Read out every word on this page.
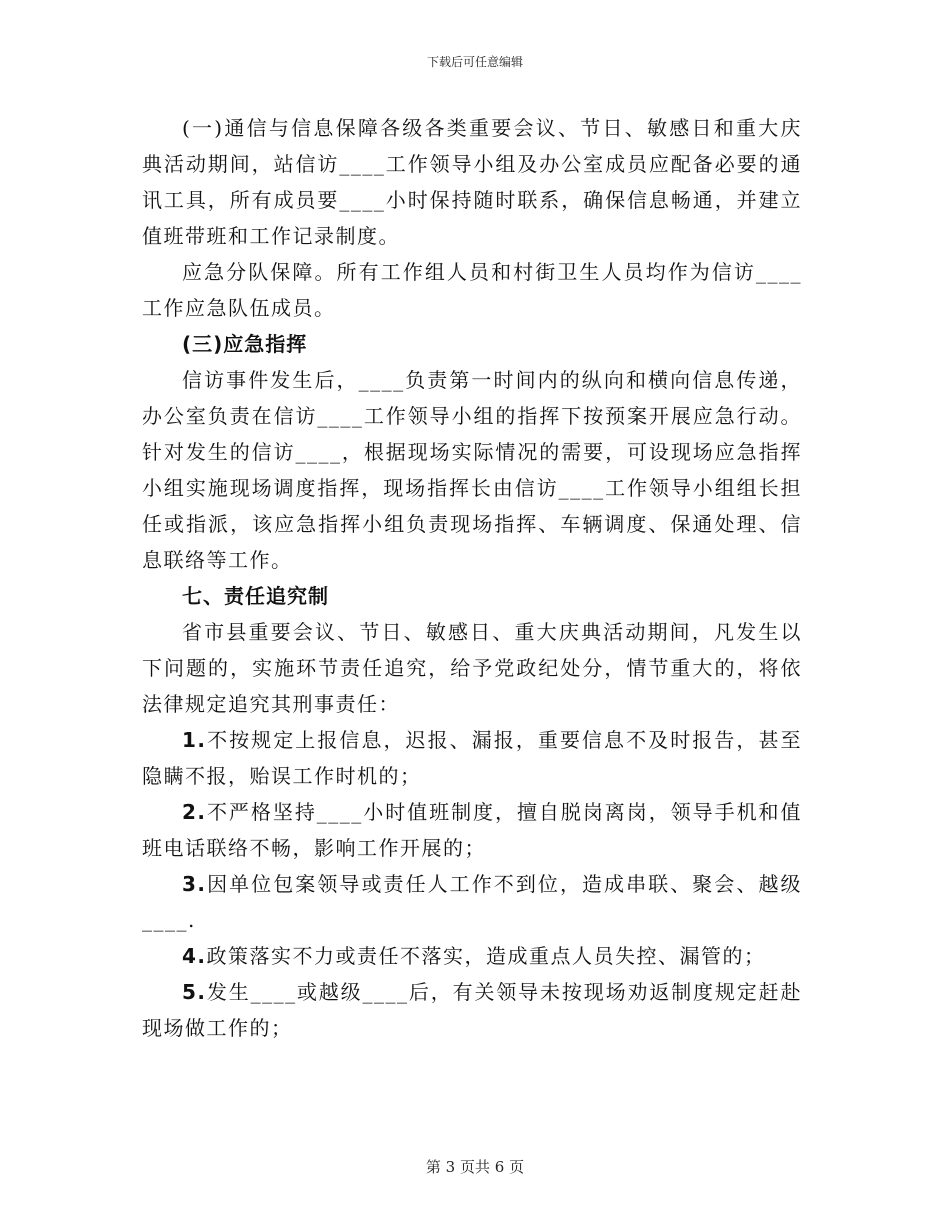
下载后可任意编辑

(一)通信与信息保障各级各类重要会议、节日、敏感日和重大庆典活动期间，站信访____工作领导小组及办公室成员应配备必要的通讯工具，所有成员要____小时保持随时联系，确保信息畅通，并建立值班带班和工作记录制度。

应急分队保障。所有工作组人员和村街卫生人员均作为信访____工作应急队伍成员。

(三)应急指挥

信访事件发生后，____负责第一时间内的纵向和横向信息传递，办公室负责在信访____工作领导小组的指挥下按预案开展应急行动。针对发生的信访____，根据现场实际情况的需要，可设现场应急指挥小组实施现场调度指挥，现场指挥长由信访____工作领导小组组长担任或指派，该应急指挥小组负责现场指挥、车辆调度、保通处理、信息联络等工作。

七、责任追究制

省市县重要会议、节日、敏感日、重大庆典活动期间，凡发生以下问题的，实施环节责任追究，给予党政纪处分，情节重大的，将依法律规定追究其刑事责任：

1.不按规定上报信息，迟报、漏报，重要信息不及时报告，甚至隐瞒不报，贻误工作时机的；

2.不严格坚持____小时值班制度，擅自脱岗离岗，领导手机和值班电话联络不畅，影响工作开展的；

3.因单位包案领导或责任人工作不到位，造成串联、聚会、越级____.

4.政策落实不力或责任不落实，造成重点人员失控、漏管的；

5.发生____或越级____后，有关领导未按现场劝返制度规定赶赴现场做工作的；

第 3 页共 6 页
